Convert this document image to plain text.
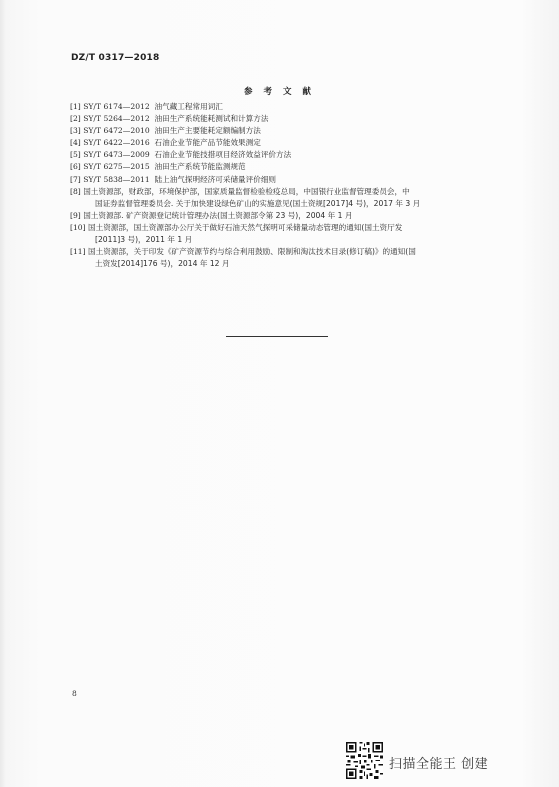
DZ/T 0317—2018
参 考 文 献
[1] SY/T 6174—2012 油气藏工程常用词汇
[2] SY/T 5264—2012 油田生产系统能耗测试和计算方法
[3] SY/T 6472—2010 油田生产主要能耗定额编制方法
[4] SY/T 6422—2016 石油企业节能产品节能效果测定
[5] SY/T 6473—2009 石油企业节能技措项目经济效益评价方法
[6] SY/T 6275—2015 油田生产系统节能监测规范
[7] SY/T 5838—2011 陆上油气探明经济可采储量评价细则
[8] 国土资源部，财政部，环境保护部，国家质量监督检验检疫总局，中国银行业监督管理委员会，中
国证券监督管理委员会. 关于加快建设绿色矿山的实施意见(国土资规[2017]4 号)，2017 年 3 月
[9] 国土资源部. 矿产资源登记统计管理办法(国土资源部令第 23 号)，2004 年 1 月
[10] 国土资源部，国土资源部办公厅关于做好石油天然气探明可采储量动态管理的通知(国土资厅发
[2011]3 号)，2011 年 1 月
[11] 国土资源部，关于印发《矿产资源节约与综合利用鼓励、限制和淘汰技术目录(修订稿)》的通知(国
土资发[2014]176 号)，2014 年 12 月
8
扫描全能王 创建
